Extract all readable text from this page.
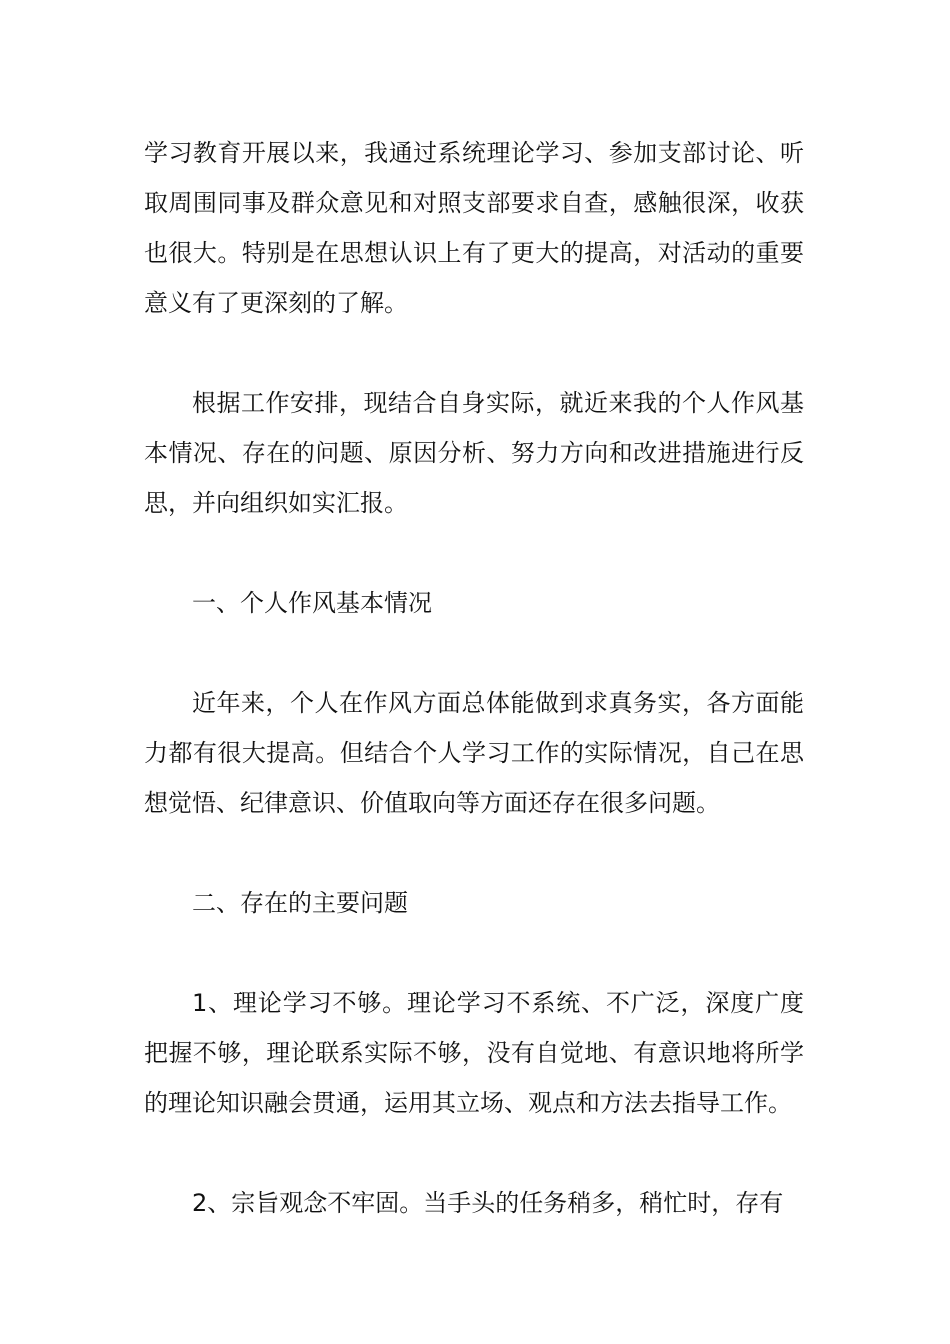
学习教育开展以来，我通过系统理论学习、参加支部讨论、听取周围同事及群众意见和对照支部要求自查，感触很深，收获也很大。特别是在思想认识上有了更大的提高，对活动的重要意义有了更深刻的了解。

根据工作安排，现结合自身实际，就近来我的个人作风基本情况、存在的问题、原因分析、努力方向和改进措施进行反思，并向组织如实汇报。

一、个人作风基本情况

近年来，个人在作风方面总体能做到求真务实，各方面能力都有很大提高。但结合个人学习工作的实际情况，自己在思想觉悟、纪律意识、价值取向等方面还存在很多问题。

二、存在的主要问题

1、理论学习不够。理论学习不系统、不广泛，深度广度把握不够，理论联系实际不够，没有自觉地、有意识地将所学的理论知识融会贯通，运用其立场、观点和方法去指导工作。

2、宗旨观念不牢固。当手头的任务稍多，稍忙时，存有
